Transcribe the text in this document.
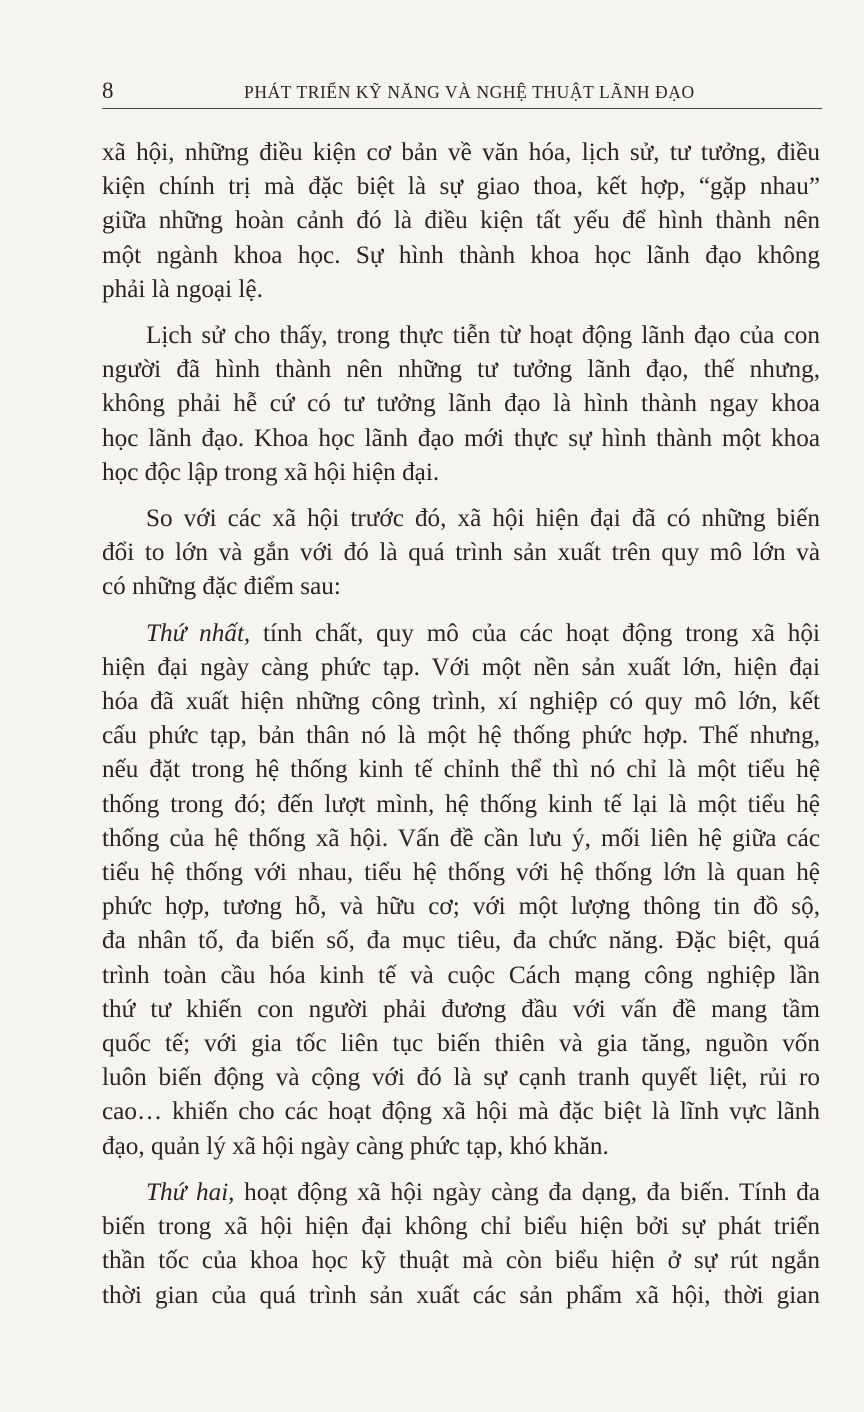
8	PHÁT TRIỂN KỸ NĂNG VÀ NGHỆ THUẬT LÃNH ĐẠO

xã hội, những điều kiện cơ bản về văn hóa, lịch sử, tư tưởng, điều

kiện chính trị mà đặc biệt là sự giao thoa, kết hợp, “gặp nhau”

giữa những hoàn cảnh đó là điều kiện tất yếu để hình thành nên

một ngành khoa học. Sự hình thành khoa học lãnh đạo không

phải là ngoại lệ.

Lịch sử cho thấy, trong thực tiễn từ hoạt động lãnh đạo của con

người đã hình thành nên những tư tưởng lãnh đạo, thế nhưng,

không phải hễ cứ có tư tưởng lãnh đạo là hình thành ngay khoa

học lãnh đạo. Khoa học lãnh đạo mới thực sự hình thành một khoa

học độc lập trong xã hội hiện đại.

So với các xã hội trước đó, xã hội hiện đại đã có những biến

đổi to lớn và gắn với đó là quá trình sản xuất trên quy mô lớn và

có những đặc điểm sau:

Thứ nhất, tính chất, quy mô của các hoạt động trong xã hội

hiện đại ngày càng phức tạp. Với một nền sản xuất lớn, hiện đại

hóa đã xuất hiện những công trình, xí nghiệp có quy mô lớn, kết

cấu phức tạp, bản thân nó là một hệ thống phức hợp. Thế nhưng,

nếu đặt trong hệ thống kinh tế chỉnh thể thì nó chỉ là một tiểu hệ

thống trong đó; đến lượt mình, hệ thống kinh tế lại là một tiểu hệ

thống của hệ thống xã hội. Vấn đề cần lưu ý, mối liên hệ giữa các

tiểu hệ thống với nhau, tiểu hệ thống với hệ thống lớn là quan hệ

phức hợp, tương hỗ, và hữu cơ; với một lượng thông tin đồ sộ,

đa nhân tố, đa biến số, đa mục tiêu, đa chức năng. Đặc biệt, quá

trình toàn cầu hóa kinh tế và cuộc Cách mạng công nghiệp lần

thứ tư khiến con người phải đương đầu với vấn đề mang tầm

quốc tế; với gia tốc liên tục biến thiên và gia tăng, nguồn vốn

luôn biến động và cộng với đó là sự cạnh tranh quyết liệt, rủi ro

cao… khiến cho các hoạt động xã hội mà đặc biệt là lĩnh vực lãnh

đạo, quản lý xã hội ngày càng phức tạp, khó khăn.

Thứ hai, hoạt động xã hội ngày càng đa dạng, đa biến. Tính đa

biến trong xã hội hiện đại không chỉ biểu hiện bởi sự phát triển

thần tốc của khoa học kỹ thuật mà còn biểu hiện ở sự rút ngắn

thời gian của quá trình sản xuất các sản phẩm xã hội, thời gian
